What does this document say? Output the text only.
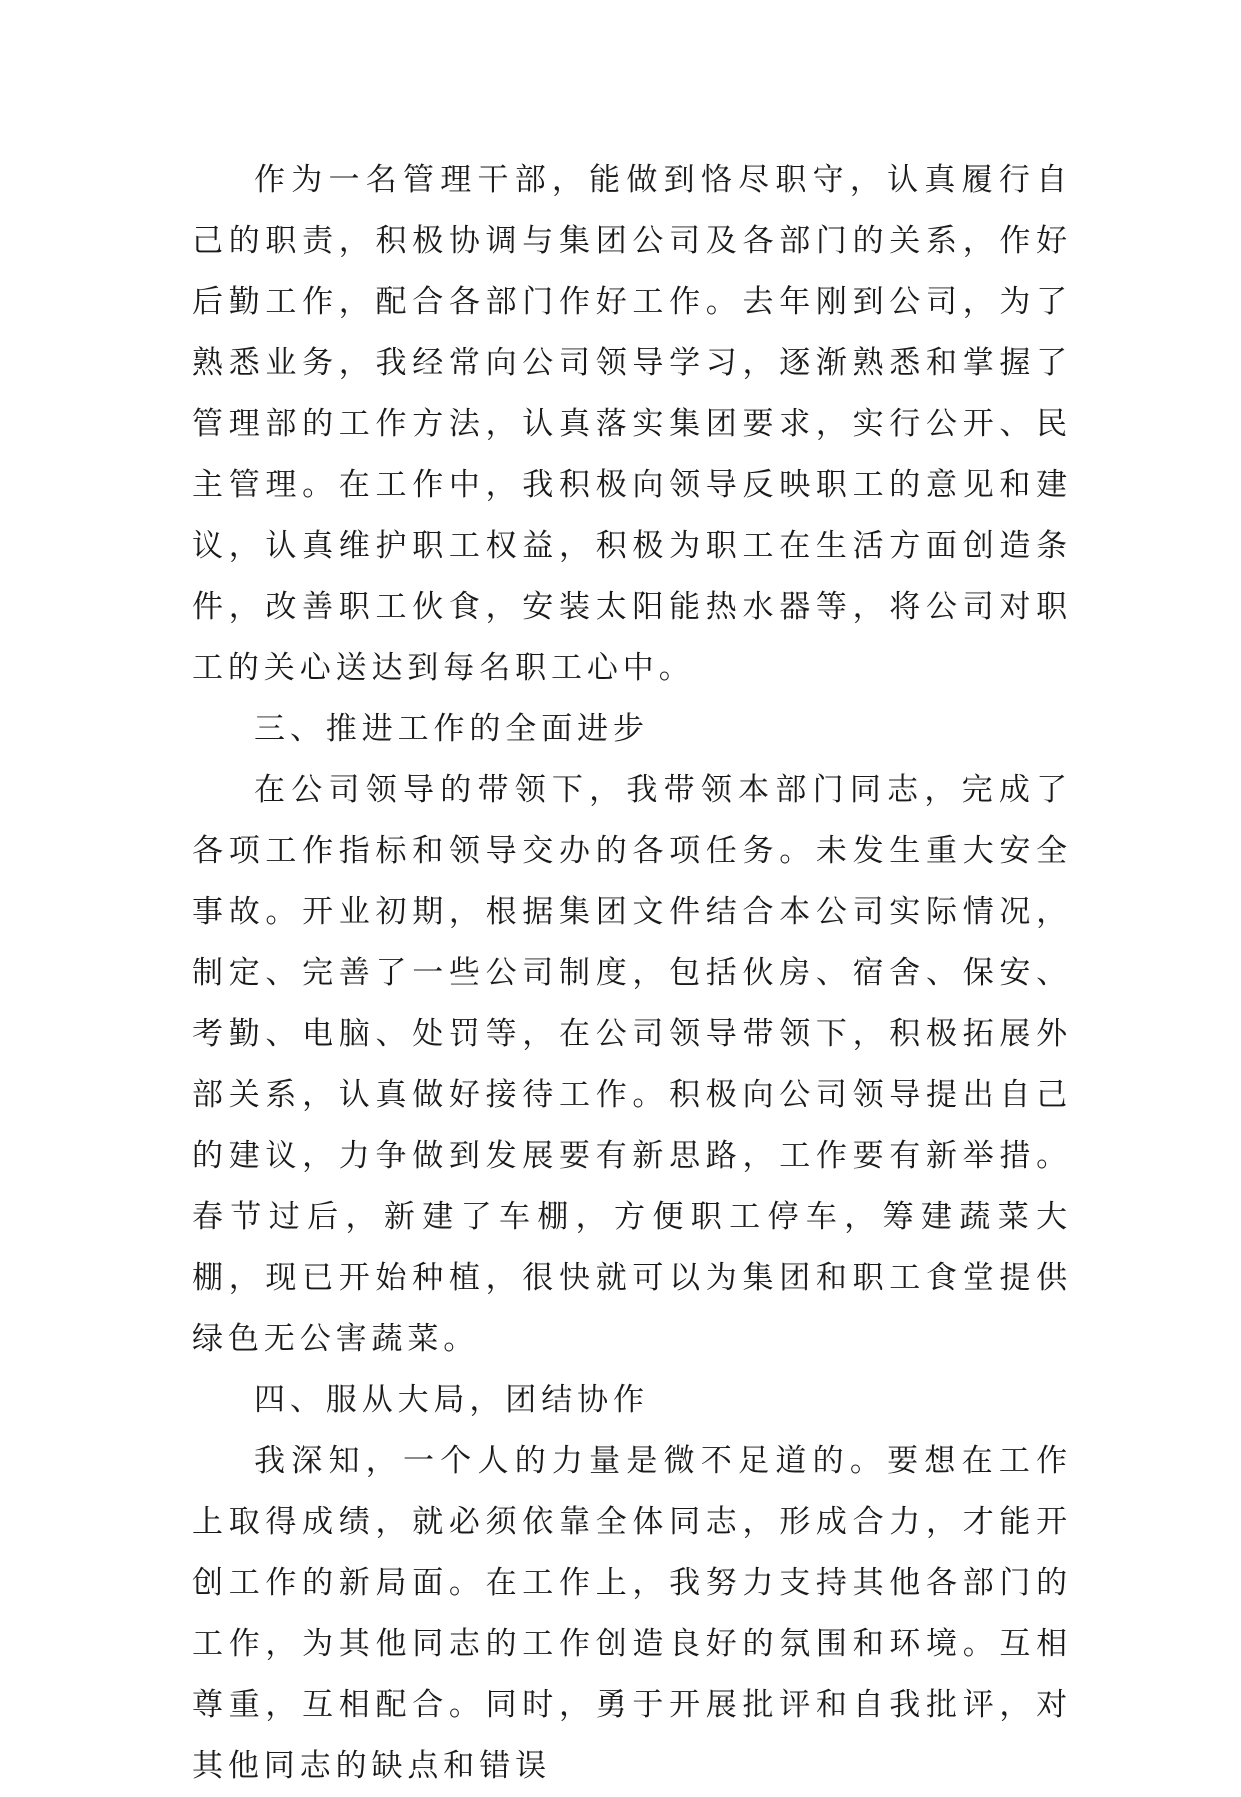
作为一名管理干部，能做到恪尽职守，认真履行自己的职责，积极协调与集团公司及各部门的关系，作好后勤工作，配合各部门作好工作。去年刚到公司，为了熟悉业务，我经常向公司领导学习，逐渐熟悉和掌握了管理部的工作方法，认真落实集团要求，实行公开、民主管理。在工作中，我积极向领导反映职工的意见和建议，认真维护职工权益，积极为职工在生活方面创造条件，改善职工伙食，安装太阳能热水器等，将公司对职工的关心送达到每名职工心中。

三、推进工作的全面进步

在公司领导的带领下，我带领本部门同志，完成了各项工作指标和领导交办的各项任务。未发生重大安全事故。开业初期，根据集团文件结合本公司实际情况，制定、完善了一些公司制度，包括伙房、宿舍、保安、考勤、电脑、处罚等，在公司领导带领下，积极拓展外部关系，认真做好接待工作。积极向公司领导提出自己的建议，力争做到发展要有新思路，工作要有新举措。春节过后，新建了车棚，方便职工停车，筹建蔬菜大棚，现已开始种植，很快就可以为集团和职工食堂提供绿色无公害蔬菜。

四、服从大局，团结协作

我深知，一个人的力量是微不足道的。要想在工作上取得成绩，就必须依靠全体同志，形成合力，才能开创工作的新局面。在工作上，我努力支持其他各部门的工作，为其他同志的工作创造良好的氛围和环境。互相尊重，互相配合。同时，勇于开展批评和自我批评，对其他同志的缺点和错误
